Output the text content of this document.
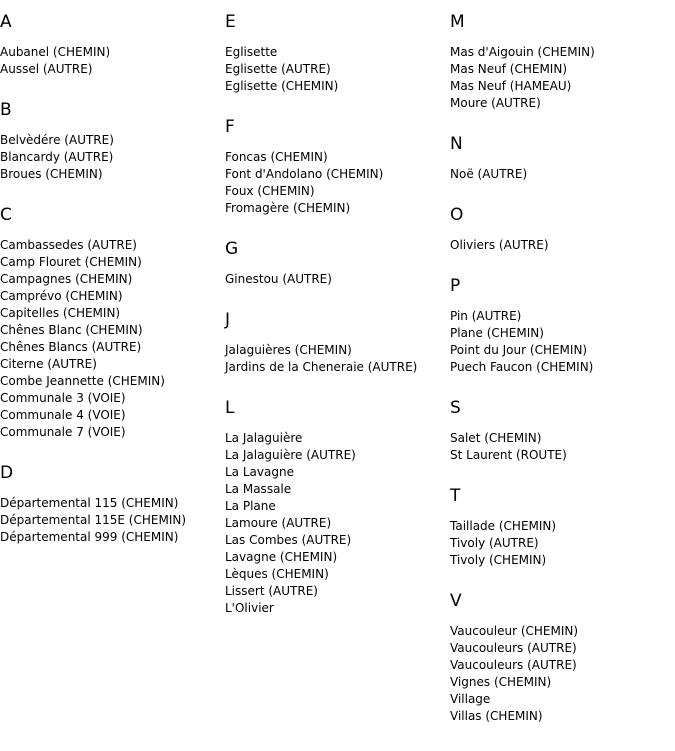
A
Aubanel (CHEMIN)
Aussel (AUTRE)
B
Belvèdére (AUTRE)
Blancardy (AUTRE)
Broues (CHEMIN)
C
Cambassedes (AUTRE)
Camp Flouret (CHEMIN)
Campagnes (CHEMIN)
Camprévo (CHEMIN)
Capitelles (CHEMIN)
Chênes Blanc (CHEMIN)
Chênes Blancs (AUTRE)
Citerne (AUTRE)
Combe Jeannette (CHEMIN)
Communale 3 (VOIE)
Communale 4 (VOIE)
Communale 7 (VOIE)
D
Départemental 115 (CHEMIN)
Départemental 115E (CHEMIN)
Départemental 999 (CHEMIN)
E
Eglisette
Eglisette (AUTRE)
Eglisette (CHEMIN)
F
Foncas (CHEMIN)
Font d'Andolano (CHEMIN)
Foux (CHEMIN)
Fromagère (CHEMIN)
G
Ginestou (AUTRE)
J
Jalaguières (CHEMIN)
Jardins de la Cheneraie (AUTRE)
L
La Jalaguière
La Jalaguière (AUTRE)
La Lavagne
La Massale
La Plane
Lamoure (AUTRE)
Las Combes (AUTRE)
Lavagne (CHEMIN)
Lèques (CHEMIN)
Lissert (AUTRE)
L'Olivier
M
Mas d'Aigouin (CHEMIN)
Mas Neuf (CHEMIN)
Mas Neuf (HAMEAU)
Moure (AUTRE)
N
Noë (AUTRE)
O
Oliviers (AUTRE)
P
Pin (AUTRE)
Plane (CHEMIN)
Point du Jour (CHEMIN)
Puech Faucon (CHEMIN)
S
Salet (CHEMIN)
St Laurent (ROUTE)
T
Taillade (CHEMIN)
Tivoly (AUTRE)
Tivoly (CHEMIN)
V
Vaucouleur (CHEMIN)
Vaucouleurs (AUTRE)
Vaucouleurs (AUTRE)
Vignes (CHEMIN)
Village
Villas (CHEMIN)
